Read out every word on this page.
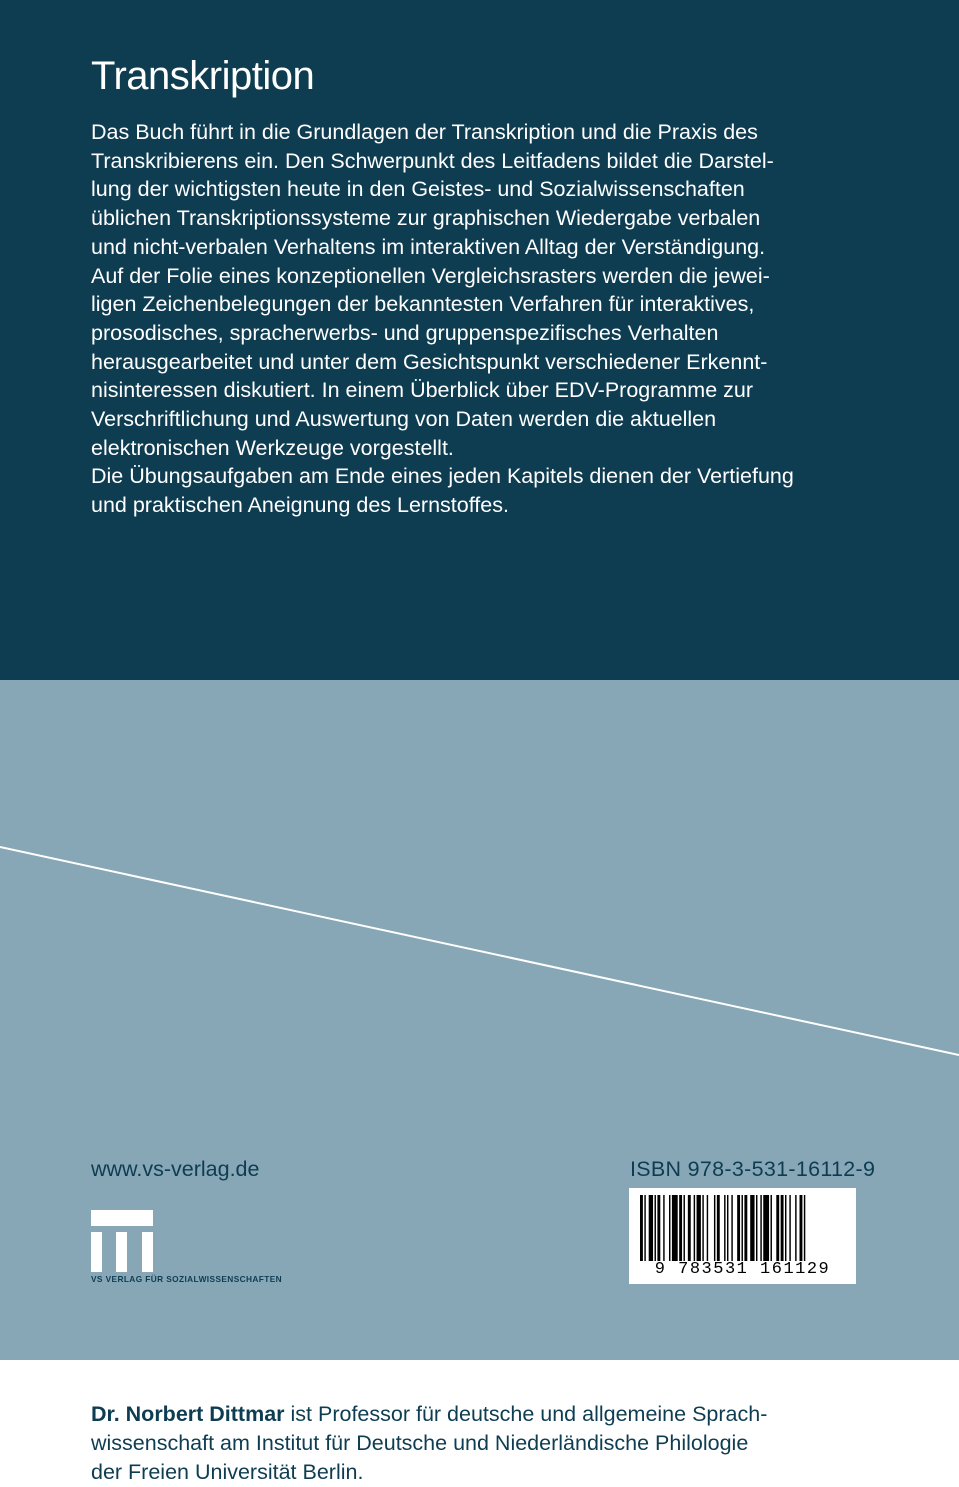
Transkription
Das Buch führt in die Grundlagen der Transkription und die Praxis des
Transkribierens ein. Den Schwerpunkt des Leitfadens bildet die Darstel-
lung der wichtigsten heute in den Geistes- und Sozialwissenschaften
üblichen Transkriptionssysteme zur graphischen Wiedergabe verbalen
und nicht-verbalen Verhaltens im interaktiven Alltag der Verständigung.
Auf der Folie eines konzeptionellen Vergleichsrasters werden die jewei-
ligen Zeichenbelegungen der bekanntesten Verfahren für interaktives,
prosodisches, spracherwerbs- und gruppenspezifisches Verhalten
herausgearbeitet und unter dem Gesichtspunkt verschiedener Erkennt-
nisinteressen diskutiert. In einem Überblick über EDV-Programme zur
Verschriftlichung und Auswertung von Daten werden die aktuellen
elektronischen Werkzeuge vorgestellt.
Die Übungsaufgaben am Ende eines jeden Kapitels dienen der Vertiefung
und praktischen Aneignung des Lernstoffes.
Dr. Norbert Dittmar ist Professor für deutsche und allgemeine Sprach-
wissenschaft am Institut für Deutsche und Niederländische Philologie
der Freien Universität Berlin.
www.vs-verlag.de	ISBN 978-3-531-16112-9
VS VERLAG FÜR SOZIALWISSENSCHAFTEN	9 783531 161129
